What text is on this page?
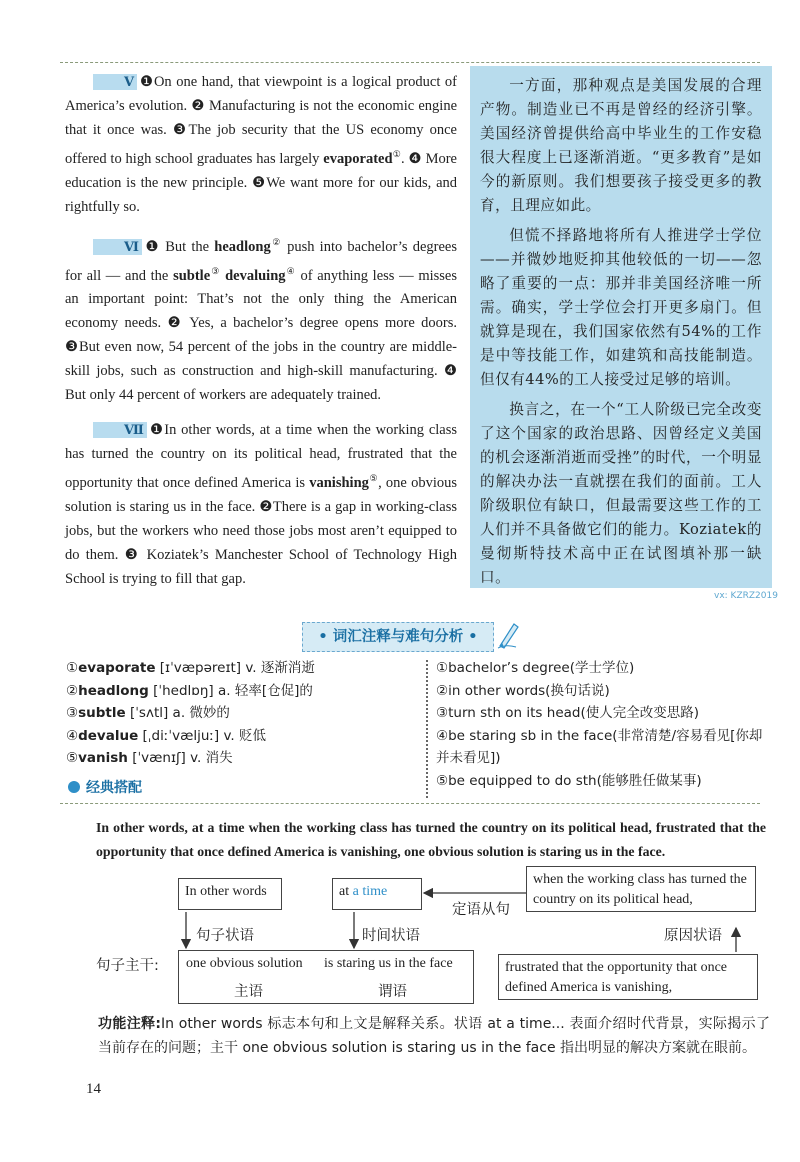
Ⅴ ❶On one hand, that viewpoint is a logical product of America’s evolution. ❷ Manufacturing is not the economic engine that it once was. ❸The job security that the US economy once offered to high school graduates has largely evaporated①. ❹ More education is the new principle. ❺We want more for our kids, and rightfully so.

Ⅵ ❶ But the headlong② push into bachelor’s degrees for all — and the subtle③ devaluing④ of anything less — misses an important point: That’s not the only thing the American economy needs. ❷ Yes, a bachelor’s degree opens more doors. ❸But even now, 54 percent of the jobs in the country are middle-skill jobs, such as construction and high-skill manufacturing. ❹ But only 44 percent of workers are adequately trained.

Ⅶ ❶In other words, at a time when the working class has turned the country on its political head, frustrated that the opportunity that once defined America is vanishing⑤, one obvious solution is staring us in the face. ❷There is a gap in working-class jobs, but the workers who need those jobs most aren’t equipped to do them. ❸ Koziatek’s Manchester School of Technology High School is trying to fill that gap.

一方面，那种观点是美国发展的合理产物。制造业已不再是曾经的经济引擎。美国经济曾提供给高中毕业生的工作安稳很大程度上已逐渐消逝。“更多教育”是如今的新原则。我们想要孩子接受更多的教育，且理应如此。

但慌不择路地将所有人推进学士学位——并微妙地贬抑其他较低的一切——忽略了重要的一点：那并非美国经济唯一所需。确实，学士学位会打开更多扇门。但就算是现在，我们国家依然有54%的工作是中等技能工作，如建筑和高技能制造。但仅有44%的工人接受过足够的培训。

换言之，在一个“工人阶级已完全改变了这个国家的政治思路、因曾经定义美国的机会逐渐消逝而受挫”的时代，一个明显的解决办法一直就摆在我们的面前。工人阶级职位有缺口，但最需要这些工作的工人们并不具备做它们的能力。Koziatek的曼彻斯特技术高中正在试图填补那一缺口。

vx: KZRZ2019
• 词汇注释与难句分析 •
①evaporate [ɪˈvæpəreɪt] v. 逐渐消逝
②headlong [ˈhedlɒŋ] a. 轻率[仓促]的
③subtle [ˈsʌtl] a. 微妙的
④devalue [ˌdiːˈvæljuː] v. 贬低
⑤vanish [ˈvænɪʃ] v. 消失
①bachelor’s degree(学士学位)
②in other words(换句话说)
③turn sth on its head(使人完全改变思路)
④be staring sb in the face(非常清楚/容易看见[你却并未看见])
⑤be equipped to do sth(能够胜任做某事)
经典搭配
In other words, at a time when the working class has turned the country on its political head, frustrated that the opportunity that once defined America is vanishing, one obvious solution is staring us in the face.
In other words	at a time
when the working class has turned the country on its political head,
frustrated that the opportunity that once defined America is vanishing,
句子主干:
句子状语	时间状语
定语从句
原因状语
one obvious solution is staring us in the face
主语	谓语
功能注释:In other words 标志本句和上文是解释关系。状语 at a time... 表面介绍时代背景，实际揭示了当前存在的问题；主干 one obvious solution is staring us in the face 指出明显的解决方案就在眼前。
14
